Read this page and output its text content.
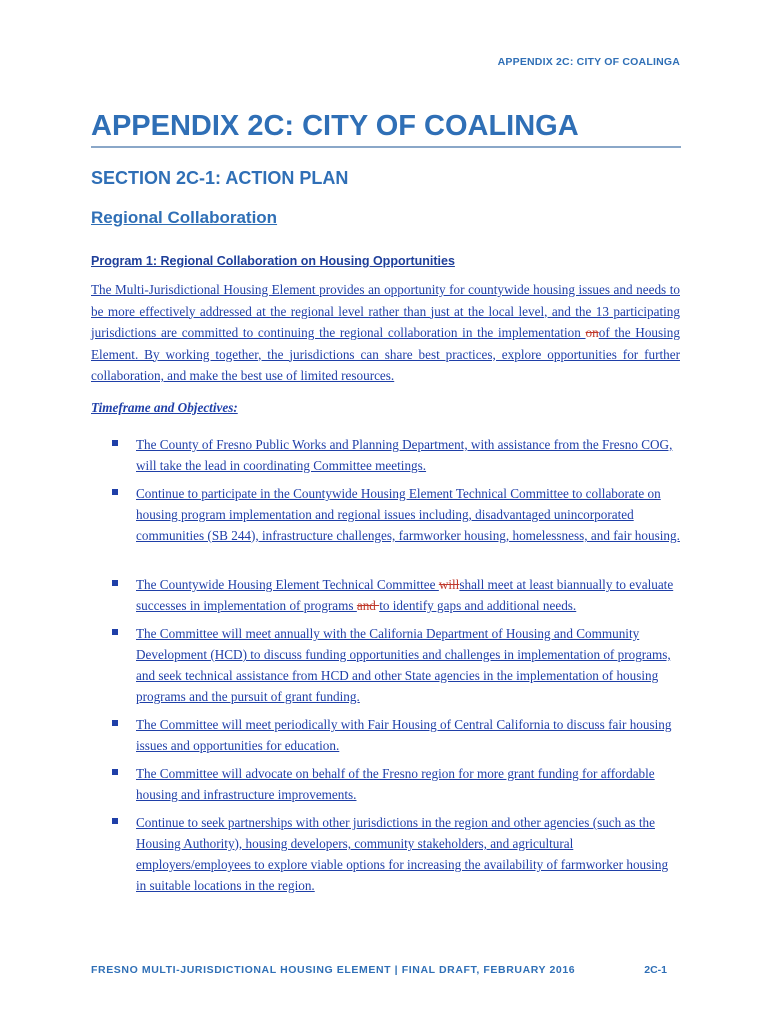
APPENDIX 2C: CITY OF COALINGA
APPENDIX 2C: CITY OF COALINGA
SECTION 2C-1: ACTION PLAN
Regional Collaboration
Program 1: Regional Collaboration on Housing Opportunities
The Multi-Jurisdictional Housing Element provides an opportunity for countywide housing issues and needs to be more effectively addressed at the regional level rather than just at the local level, and the 13 participating jurisdictions are committed to continuing the regional collaboration in the implementation onof the Housing Element. By working together, the jurisdictions can share best practices, explore opportunities for further collaboration, and make the best use of limited resources.
Timeframe and Objectives:
The County of Fresno Public Works and Planning Department, with assistance from the Fresno COG, will take the lead in coordinating Committee meetings.
Continue to participate in the Countywide Housing Element Technical Committee to collaborate on housing program implementation and regional issues including, disadvantaged unincorporated communities (SB 244), infrastructure challenges, farmworker housing, homelessness, and fair housing.
The Countywide Housing Element Technical Committee willshall meet at least biannually to evaluate successes in implementation of programs and to identify gaps and additional needs.
The Committee will meet annually with the California Department of Housing and Community Development (HCD) to discuss funding opportunities and challenges in implementation of programs, and seek technical assistance from HCD and other State agencies in the implementation of housing programs and the pursuit of grant funding.
The Committee will meet periodically with Fair Housing of Central California to discuss fair housing issues and opportunities for education.
The Committee will advocate on behalf of the Fresno region for more grant funding for affordable housing and infrastructure improvements.
Continue to seek partnerships with other jurisdictions in the region and other agencies (such as the Housing Authority), housing developers, community stakeholders, and agricultural employers/employees to explore viable options for increasing the availability of farmworker housing in suitable locations in the region.
FRESNO MULTI-JURISDICTIONAL HOUSING ELEMENT | FINAL DRAFT, FEBRUARY 2016	2C-1
